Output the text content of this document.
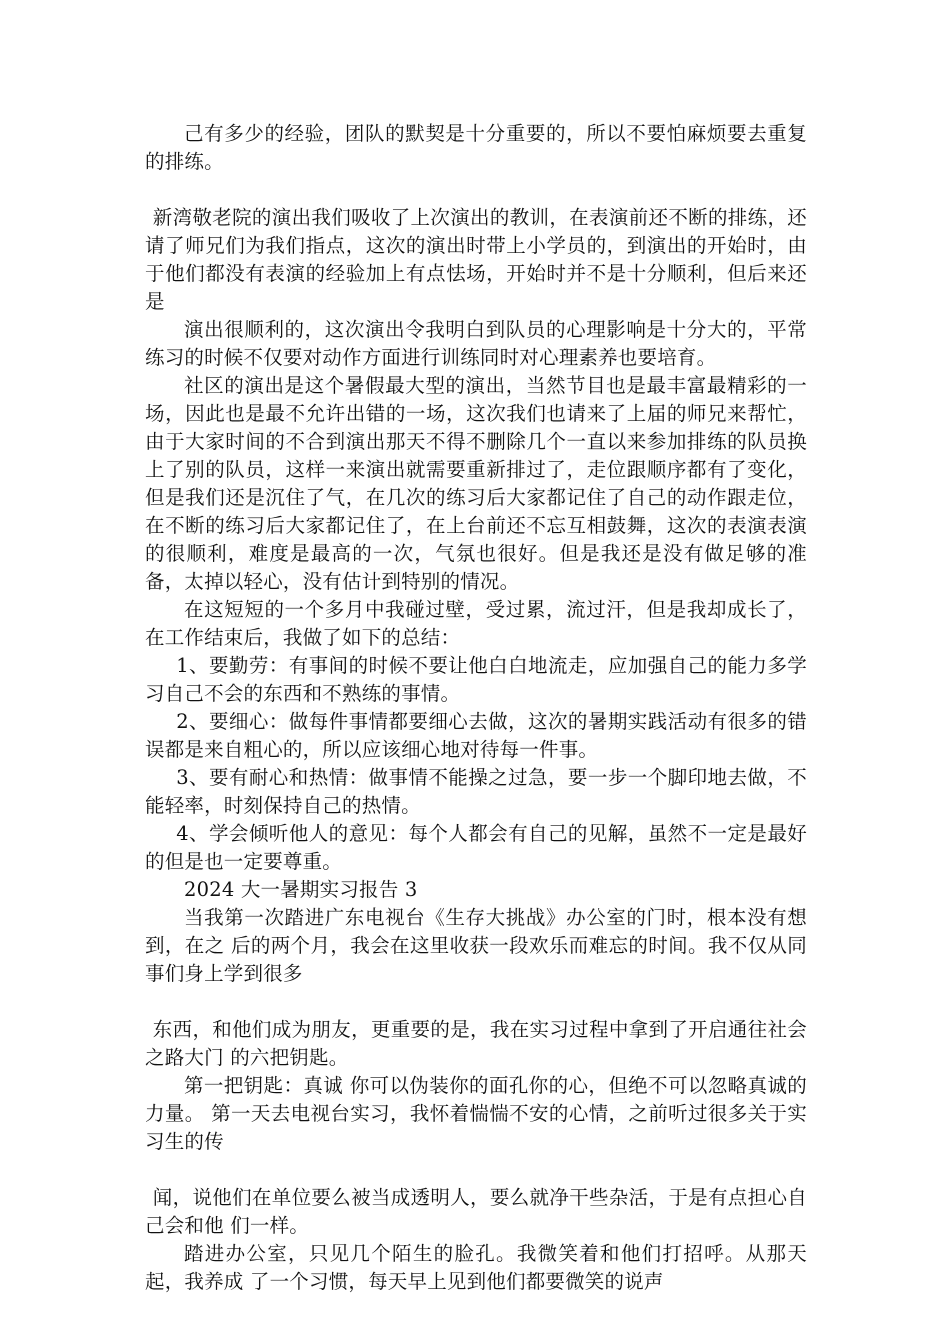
己有多少的经验，团队的默契是十分重要的，所以不要怕麻烦要去重复的排练。

新湾敬老院的演出我们吸收了上次演出的教训，在表演前还不断的排练，还请了师兄们为我们指点，这次的演出时带上小学员的，到演出的开始时，由于他们都没有表演的经验加上有点怯场，开始时并不是十分顺利，但后来还是

演出很顺利的，这次演出令我明白到队员的心理影响是十分大的，平常练习的时候不仅要对动作方面进行训练同时对心理素养也要培育。

社区的演出是这个暑假最大型的演出，当然节目也是最丰富最精彩的一场，因此也是最不允许出错的一场，这次我们也请来了上届的师兄来帮忙，由于大家时间的不合到演出那天不得不删除几个一直以来参加排练的队员换上了别的队员，这样一来演出就需要重新排过了，走位跟顺序都有了变化，但是我们还是沉住了气，在几次的练习后大家都记住了自己的动作跟走位，在不断的练习后大家都记住了，在上台前还不忘互相鼓舞，这次的表演表演的很顺利，难度是最高的一次，气氛也很好。但是我还是没有做足够的准备，太掉以轻心，没有估计到特别的情况。

在这短短的一个多月中我碰过壁，受过累，流过汗，但是我却成长了，在工作结束后，我做了如下的总结：

1、要勤劳：有事间的时候不要让他白白地流走，应加强自己的能力多学习自己不会的东西和不熟练的事情。

2、要细心：做每件事情都要细心去做，这次的暑期实践活动有很多的错误都是来自粗心的，所以应该细心地对待每一件事。

3、要有耐心和热情：做事情不能操之过急，要一步一个脚印地去做，不能轻率，时刻保持自己的热情。

4、学会倾听他人的意见：每个人都会有自己的见解，虽然不一定是最好的但是也一定要尊重。

2024 大一暑期实习报告 3

当我第一次踏进广东电视台《生存大挑战》办公室的门时，根本没有想到，在之 后的两个月，我会在这里收获一段欢乐而难忘的时间。我不仅从同事们身上学到很多

东西，和他们成为朋友，更重要的是，我在实习过程中拿到了开启通往社会之路大门 的六把钥匙。

第一把钥匙：真诚 你可以伪装你的面孔你的心，但绝不可以忽略真诚的力量。 第一天去电视台实习，我怀着惴惴不安的心情，之前听过很多关于实习生的传

闻，说他们在单位要么被当成透明人，要么就净干些杂活，于是有点担心自己会和他 们一样。

踏进办公室，只见几个陌生的脸孔。我微笑着和他们打招呼。从那天起，我养成 了一个习惯，每天早上见到他们都要微笑的说声
